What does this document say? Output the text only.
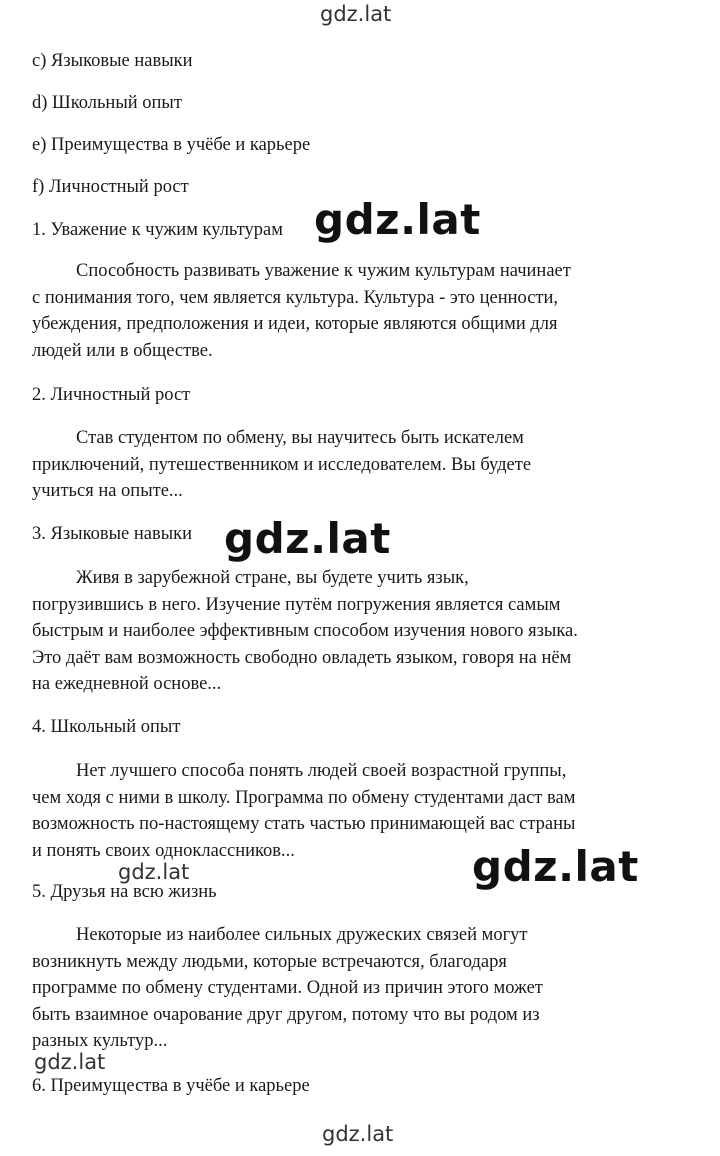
c) Языковые навыки
d) Школьный опыт
e) Преимущества в учёбе и карьере
f) Личностный рост
1. Уважение к чужим культурам
Способность развивать уважение к чужим культурам начинает
с понимания того, чем является культура. Культура - это ценности,
убеждения, предположения и идеи, которые являются общими для
людей или в обществе.
2. Личностный рост
Став студентом по обмену, вы научитесь быть искателем
приключений, путешественником и исследователем. Вы будете
учиться на опыте...
3. Языковые навыки
Живя в зарубежной стране, вы будете учить язык,
погрузившись в него. Изучение путём погружения является самым
быстрым и наиболее эффективным способом изучения нового языка.
Это даёт вам возможность свободно овладеть языком, говоря на нём
на ежедневной основе...
4. Школьный опыт
Нет лучшего способа понять людей своей возрастной группы,
чем ходя с ними в школу. Программа по обмену студентами даст вам
возможность по-настоящему стать частью принимающей вас страны
и понять своих одноклассников...
5. Друзья на всю жизнь
Некоторые из наиболее сильных дружеских связей могут
возникнуть между людьми, которые встречаются, благодаря
программе по обмену студентами. Одной из причин этого может
быть взаимное очарование друг другом, потому что вы родом из
разных культур...
6. Преимущества в учёбе и карьере
gdz.lat
gdz.lat
gdz.lat
gdz.lat
gdz.lat
gdz.lat
gdz.lat
